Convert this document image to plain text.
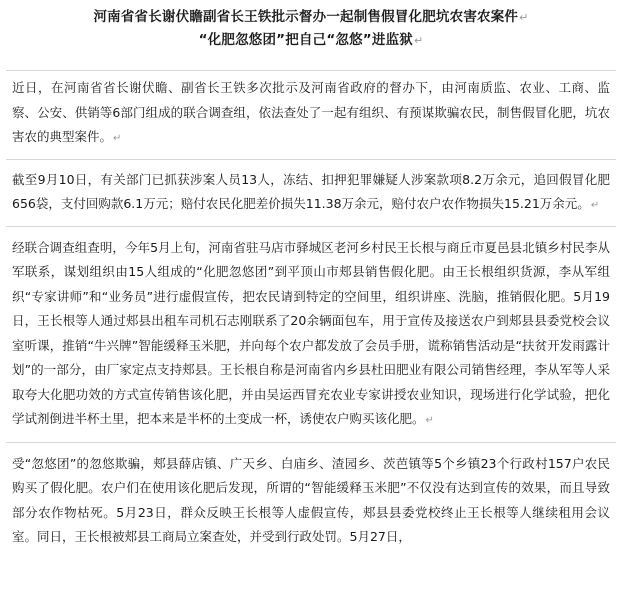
河南省省长谢伏瞻副省长王铁批示督办一起制售假冒化肥坑农害农案件↵

“化肥忽悠团”把自己“忽悠”进监狱↵

近日，在河南省省长谢伏瞻、副省长王铁多次批示及河南省政府的督办下，由河南质监、农业、工商、监察、公安、供销等6部门组成的联合调查组，依法查处了一起有组织、有预谋欺骗农民，制售假冒化肥，坑农害农的典型案件。↵

截至9月10日，有关部门已抓获涉案人员13人，冻结、扣押犯罪嫌疑人涉案款项8.2万余元，追回假冒化肥656袋，支付回购款6.1万元；赔付农民化肥差价损失11.38万余元，赔付农户农作物损失15.21万余元。↵

经联合调查组查明，今年5月上旬，河南省驻马店市驿城区老河乡村民王长根与商丘市夏邑县北镇乡村民李从军联系，谋划组织由15人组成的“化肥忽悠团”到平顶山市郏县销售假化肥。由王长根组织货源，李从军组织“专家讲师”和“业务员”进行虚假宣传，把农民请到特定的空间里，组织讲座、洗脑，推销假化肥。5月19日，王长根等人通过郏县出租车司机石志刚联系了20余辆面包车，用于宣传及接送农户到郏县县委党校会议室听课，推销“牛兴牌”智能缓释玉米肥，并向每个农户都发放了会员手册，谎称销售活动是“扶贫开发雨露计划”的一部分，由厂家定点支持郏县。王长根自称是河南省内乡县杜田肥业有限公司销售经理，李从军等人采取夸大化肥功效的方式宣传销售该化肥，并由吴运西冒充农业专家讲授农业知识，现场进行化学试验，把化学试剂倒进半杯土里，把本来是半杯的土变成一杯，诱使农户购买该化肥。↵

受“忽悠团”的忽悠欺骗，郏县薛店镇、广天乡、白庙乡、渣园乡、茨芭镇等5个乡镇23个行政村157户农民购买了假化肥。农户们在使用该化肥后发现，所谓的“智能缓释玉米肥”不仅没有达到宣传的效果，而且导致部分农作物枯死。5月23日，群众反映王长根等人虚假宣传，郏县县委党校终止王长根等人继续租用会议室。同日，王长根被郏县工商局立案查处，并受到行政处罚。5月27日，
